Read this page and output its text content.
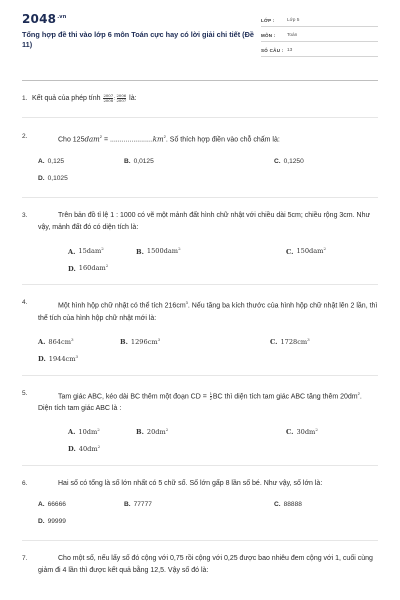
$2048^{.vn}$
Tổng hợp đề thi vào lớp 6 môn Toán cực hay có lời giải chi tiết (Đề 11)
LỚP :	Lớp 5
MÔN :	Toán
SỐ CÂU : 13
1. Kết quả của phép tính $\frac{2007}{2008}$ : $\frac{2006}{2007}$ là:
2.	Cho $125dam^2 = ......................km^2$. Số thích hợp điền vào chỗ chấm là:
A. 0,125	B. 0,0125	C. 0,1250
D. 0,1025
3.	Trên bản đồ tỉ lệ 1 : 1000 có vẽ một mảnh đất hình chữ nhật với chiều dài 5cm; chiều rộng 3cm. Như vậy, mảnh đất đó có diện tích là:
A. 15dam$^2$	B. 1500dam$^2$	C. 150dam$^2$
D. 160dam$^2$
4.	Một hình hộp chữ nhật có thể tích $216cm^3$. Nếu tăng ba kích thước của hình hộp chữ nhật lên 2 lần, thì thể tích của hình hộp chữ nhật mới là:
A. $864cm^3$	B. $1296cm^3$	C. $1728cm^3$
D. $1944cm^3$
5.	Tam giác ABC, kéo dài BC thêm một đoạn CD = $\frac{1}{2}$ BC thì diện tích tam giác ABC tăng thêm $20dm^2$. Diện tích tam giác ABC là :
A. $10dm^2$	B. $20dm^2$	C. $30dm^2$
D. $40dm^2$
6.	Hai số có tổng là số lớn nhất có 5 chữ số. Số lớn gấp 8 lần số bé. Như vậy, số lớn là:
A. 66666	B. 77777	C. 88888
D. 99999
7.	Cho một số, nếu lấy số đó cộng với 0,75 rồi cộng với 0,25 được bao nhiêu đem cộng với 1, cuối cùng giảm đi 4 lần thì được kết quả bằng 12,5. Vậy số đó là:
